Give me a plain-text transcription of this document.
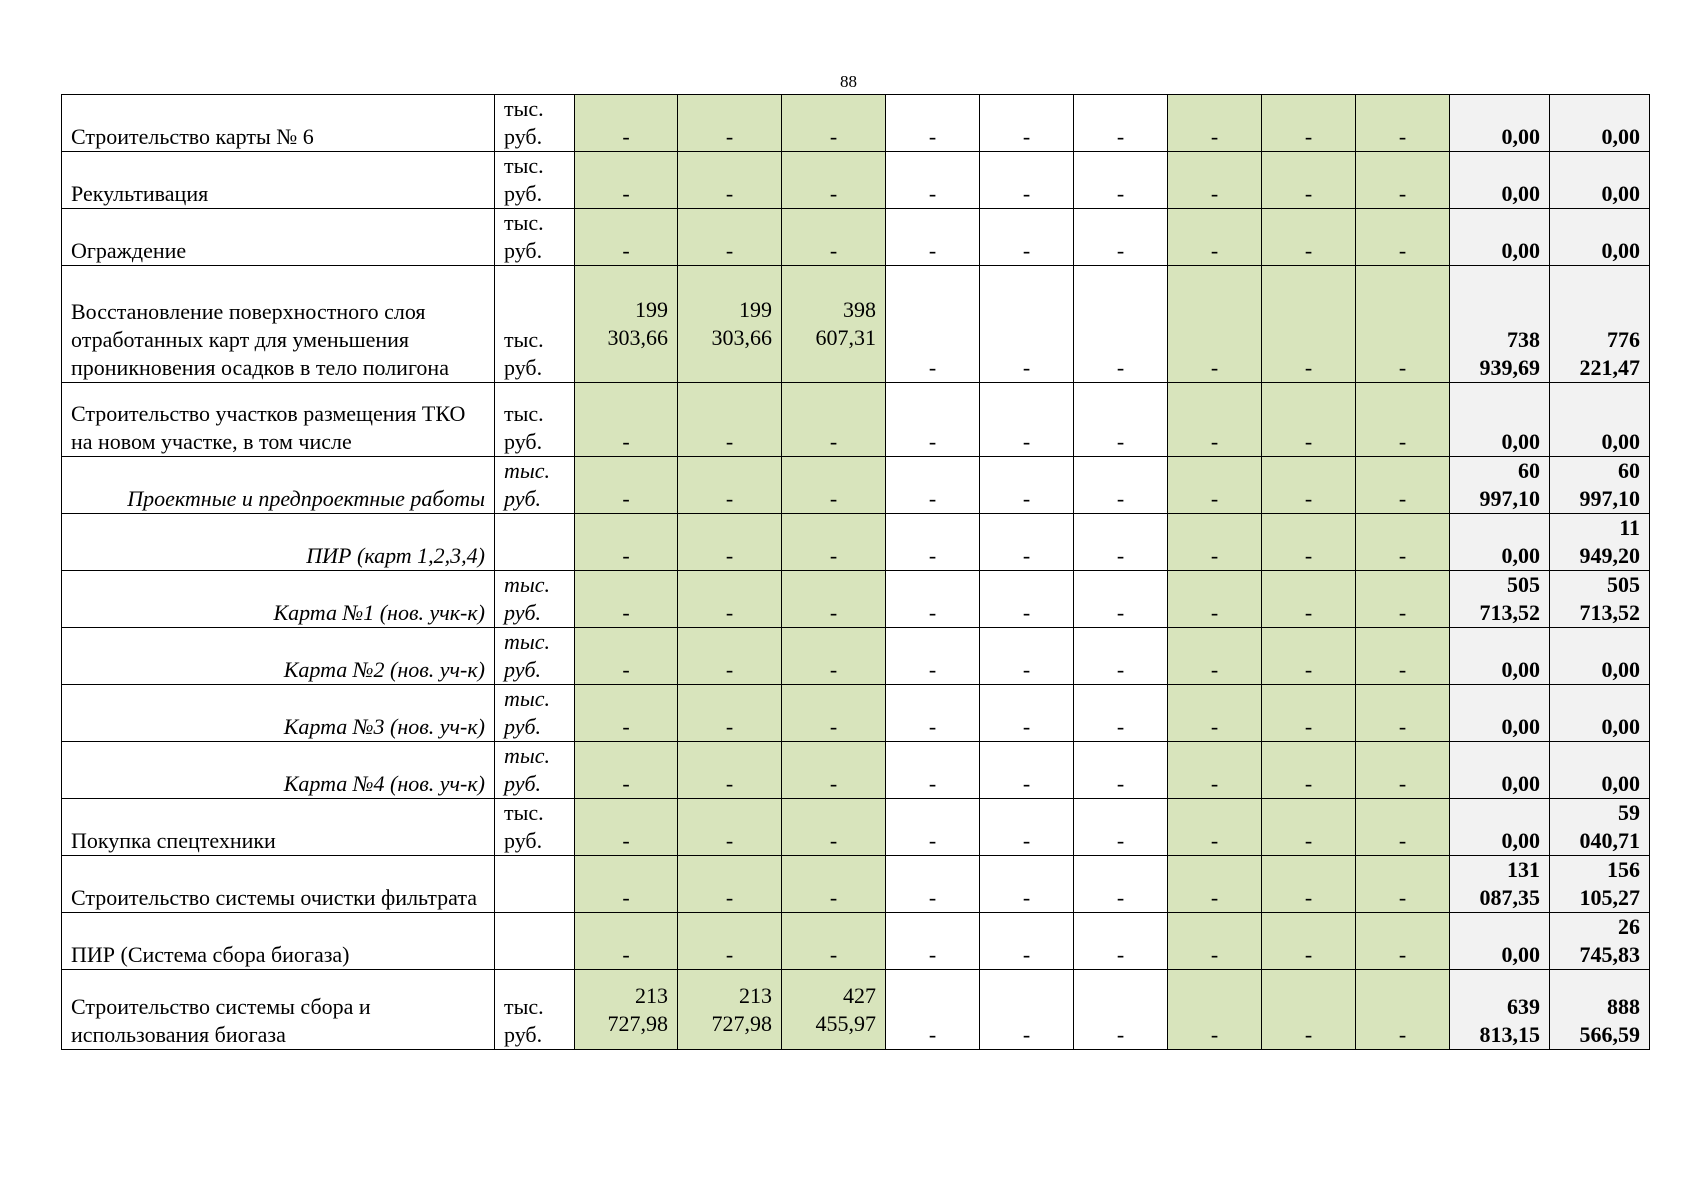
88
Строительство карты № 6	тыс. руб.	-	-	-	-	-	-	-	-	-	0,00	0,00
Рекультивация	тыс. руб.	-	-	-	-	-	-	-	-	-	0,00	0,00
Ограждение	тыс. руб.	-	-	-	-	-	-	-	-	-	0,00	0,00
Восстановление поверхностного слоя отработанных карт для уменьшения проникновения осадков в тело полигона	тыс. руб.	199 303,66	199 303,66	398 607,31	-	-	-	-	-	-	738 939,69	776 221,47
Строительство участков размещения ТКО на новом участке, в том числе	тыс. руб.	-	-	-	-	-	-	-	-	-	0,00	0,00
Проектные и предпроектные работы	тыс. руб.	-	-	-	-	-	-	-	-	-	60 997,10	60 997,10
ПИР (карт 1,2,3,4)		-	-	-	-	-	-	-	-	-	0,00	11 949,20
Карта №1 (нов. учк-к)	тыс. руб.	-	-	-	-	-	-	-	-	-	505 713,52	505 713,52
Карта №2 (нов. уч-к)	тыс. руб.	-	-	-	-	-	-	-	-	-	0,00	0,00
Карта №3 (нов. уч-к)	тыс. руб.	-	-	-	-	-	-	-	-	-	0,00	0,00
Карта №4 (нов. уч-к)	тыс. руб.	-	-	-	-	-	-	-	-	-	0,00	0,00
Покупка спецтехники	тыс. руб.	-	-	-	-	-	-	-	-	-	0,00	59 040,71
Строительство системы очистки фильтрата		-	-	-	-	-	-	-	-	-	131 087,35	156 105,27
ПИР (Система сбора биогаза)		-	-	-	-	-	-	-	-	-	0,00	26 745,83
Строительство системы сбора и использования биогаза	тыс. руб.	213 727,98	213 727,98	427 455,97	-	-	-	-	-	-	639 813,15	888 566,59
